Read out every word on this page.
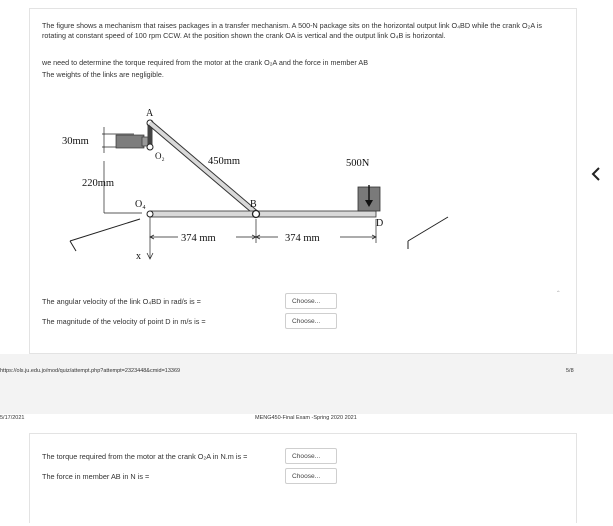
The figure shows a mechanism that raises packages in a transfer mechanism. A 500-N package sits on the horizontal output link O₄BD while the crank O₂A is rotating at constant speed of 100 rpm CCW. At the position shown the crank OA is vertical and the output link O₄B is horizontal.
we need to determine the torque required from the motor at the crank O₂A and the force in member AB
The weights of the links are negligible.
30mm
220mm
A
O₂	450mm
O₄	B
D
x
500N
374 mm	374 mm
The angular velocity of the link O₄BD in rad/s is =	Choose...
The magnitude of the velocity of point D in m/s is =	Choose...
https://ols.ju.edu.jo/mod/quiz/attempt.php?attempt=2323448&cmid=13369	5/8
5/17/2021	MENG450-Final Exam -Spring 2020 2021
The torque required from the motor at the crank O₂A in N.m is =	Choose...
The force in member AB in N is =	Choose...
ˆ
